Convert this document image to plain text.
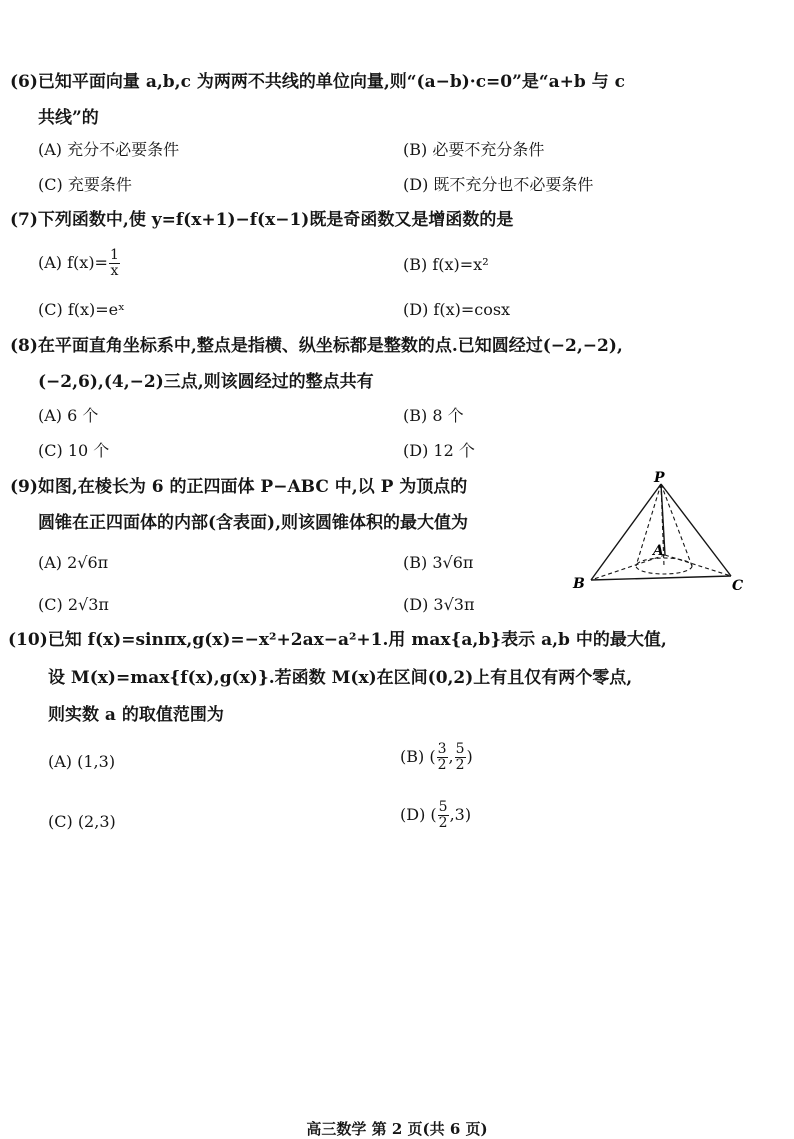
(6)已知平面向量 a,b,c 为两两不共线的单位向量,则“(a−b)·c=0”是“a+b 与 c
共线”的
(A) 充分不必要条件	(B) 必要不充分条件
(C) 充要条件	(D) 既不充分也不必要条件
(7)下列函数中,使 y=f(x+1)−f(x−1)既是奇函数又是增函数的是
(A) $f(x)= \frac{1}{x}$	(B) f(x)=x²
(C) f(x)=eˣ	(D) f(x)=cosx
(8)在平面直角坐标系中,整点是指横、纵坐标都是整数的点.已知圆经过(−2,−2),
(−2,6),(4,−2)三点,则该圆经过的整点共有
(A) 6 个	(B) 8 个
(C) 10 个	(D) 12 个
(9)如图,在棱长为 6 的正四面体 P−ABC 中,以 P 为顶点的
圆锥在正四面体的内部(含表面),则该圆锥体积的最大值为
(A) 2√6π	(B) 3√6π
(C) 2√3π	(D) 3√3π
P
A
B	C
(10)已知 f(x)=sinπx,g(x)=−x²+2ax−a²+1.用 max{a,b}表示 a,b 中的最大值,
设 M(x)=max{f(x),g(x)}.若函数 M(x)在区间(0,2)上有且仅有两个零点,
则实数 a 的取值范围为
(A) (1,3)	(B) ( $\frac{3}{2}$ , $\frac{5}{2}$ )
(C) (2,3)	(D) ( $\frac{5}{2} ,3$)
高三数学 第 2 页(共 6 页)
